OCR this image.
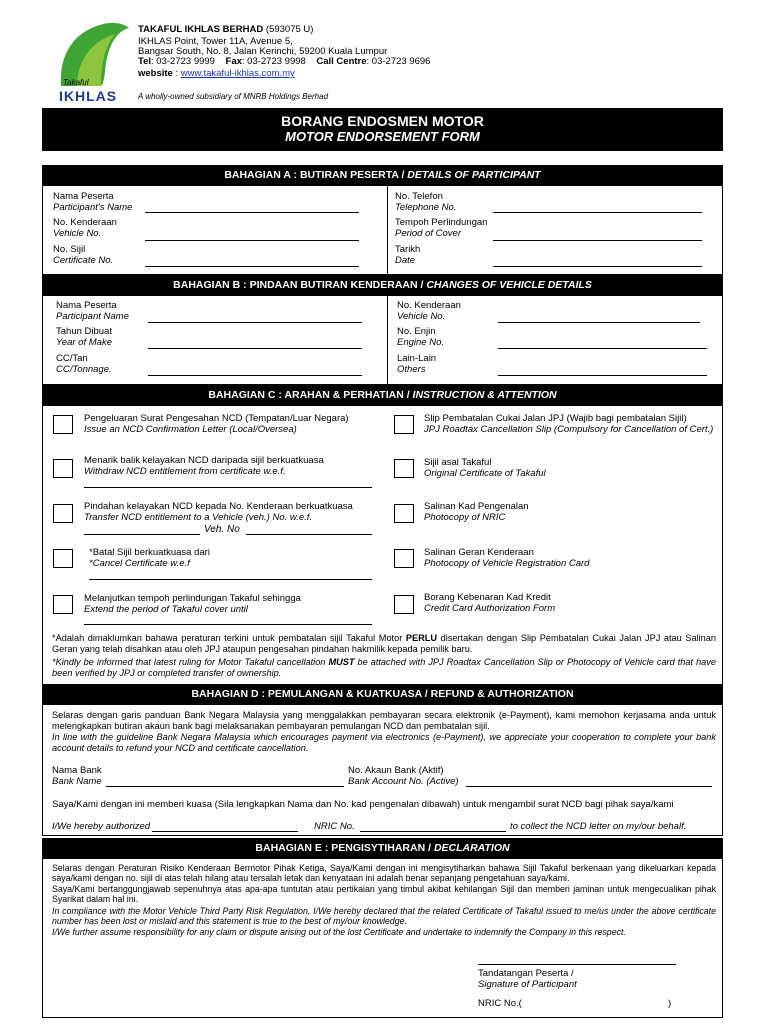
Takaful
IKHLAS
TAKAFUL IKHLAS BERHAD (593075 U)
IKHLAS Point, Tower 11A, Avenue 5,
Bangsar South, No. 8, Jalan Kerinchi, 59200 Kuala Lumpur
Tel: 03-2723 9999 Fax: 03-2723 9998 Call Centre: 03-2723 9696
website : www.takaful-ikhlas.com.my
A wholly-owned subsidiary of MNRB Holdings Berhad
BORANG ENDOSMEN MOTOR
MOTOR ENDORSEMENT FORM
BAHAGIAN A : BUTIRAN PESERTA / DETAILS OF PARTICIPANT
Nama Peserta
Participant's Name
No. Kenderaan
Vehicle No.
No. Sijil
Certificate No.
No. Telefon
Telephone No.
Tempoh Perlindungan
Period of Cover
Tarikh
Date
BAHAGIAN B : PINDAAN BUTIRAN KENDERAAN / CHANGES OF VEHICLE DETAILS
Nama Peserta
Participant Name
Tahun Dibuat
Year of Make
CC/Tan
CC/Tonnage.
No. Kenderaan
Vehicle No.
No. Enjin
Engine No.
Lain-Lain
Others
BAHAGIAN C : ARAHAN & PERHATIAN / INSTRUCTION & ATTENTION
Pengeluaran Surat Pengesahan NCD (Tempatan/Luar Negara)
Issue an NCD Confirmation Letter (Local/Oversea)
Menarik balik kelayakan NCD daripada sijil berkuatkuasa
Withdraw NCD entitlement from certificate w.e.f.
Pindahan kelayakan NCD kepada No. Kenderaan berkuatkuasa
Transfer NCD entitlement to a Vehicle (veh.) No. w.e.f.
Veh. No
*Batal Sijil berkuatkuasa dari
*Cancel Certificate w.e.f
Melanjutkan tempoh perlindungan Takaful sehingga
Extend the period of Takaful cover until
Slip Pembatalan Cukai Jalan JPJ (Wajib bagi pembatalan Sijil)
JPJ Roadtax Cancellation Slip (Compulsory for Cancellation of Cert.)
Sijil asal Takaful
Original Certificate of Takaful
Salinan Kad Pengenalan
Photocopy of NRIC
Salinan Geran Kenderaan
Photocopy of Vehicle Registration Card
Borang Kebenaran Kad Kredit
Credit Card Authorization Form
*Adalah dimaklumkan bahawa peraturan terkini untuk pembatalan sijil Takaful Motor PERLU disertakan dengan Slip Pembatalan Cukai Jalan JPJ atau Salinan Geran yang telah disahkan atau oleh JPJ ataupun pengesahan pindahan hakmilik kepada pemilik baru.
*Kindly be informed that latest ruling for Motor Takaful cancellation MUST be attached with JPJ Roadtax Cancellation Slip or Photocopy of Vehicle card that have been verified by JPJ or completed transfer of ownership.
BAHAGIAN D : PEMULANGAN & KUATKUASA / REFUND & AUTHORIZATION
Selaras dengan garis panduan Bank Negara Malaysia yang menggalakkan pembayaran secara elektronik (e-Payment), kami memohon kerjasama anda untuk melengkapkan butiran akaun bank bagi melaksanakan pembayaran pemulangan NCD dan pembatalan sijil.
In line with the guideline Bank Negara Malaysia which encourages payment via electronics (e-Payment), we appreciate your cooperation to complete your bank account details to refund your NCD and certificate cancellation.
Nama Bank
Bank Name
No. Akaun Bank (Aktif)
Bank Account No. (Active)
Saya/Kami dengan ini memberi kuasa (Sila lengkapkan Nama dan No. kad pengenalan dibawah) untuk mengambil surat NCD bagi pihak saya/kami
I/We hereby authorized	NRIC No.	to collect the NCD letter on my/our behalf.
BAHAGIAN E : PENGISYTIHARAN / DECLARATION
Selaras dengan Peraturan Risiko Kenderaan Bermotor Pihak Ketiga, Saya/Kami dengan ini mengisytiharkan bahawa Sijil Takaful berkenaan yang dikeluarkan kepada saya/kami dengan no. sijil di atas telah hilang atau tersalah letak dan kenyataan ini adalah benar sepanjang pengetahuan saya/kami.
Saya/Kami bertanggungjawab sepenuhnya atas apa-apa tuntutan atau pertikaian yang timbul akibat kehilangan Sijil dan memberi jaminan untuk mengecualikan pihak Syarikat dalam hal ini.
In compliance with the Motor Vehicle Third Party Risk Regulation, I/We hereby declared that the related Certificate of Takaful issued to me/us under the above certificate number has been lost or mislaid and this statement is true to the best of my/our knowledge.
I/We further assume responsibility for any claim or dispute arising out of the lost Certificate and undertake to indemnify the Company in this respect.
Tandatangan Peserta /
Signature of Participant
NRIC No.(	)
